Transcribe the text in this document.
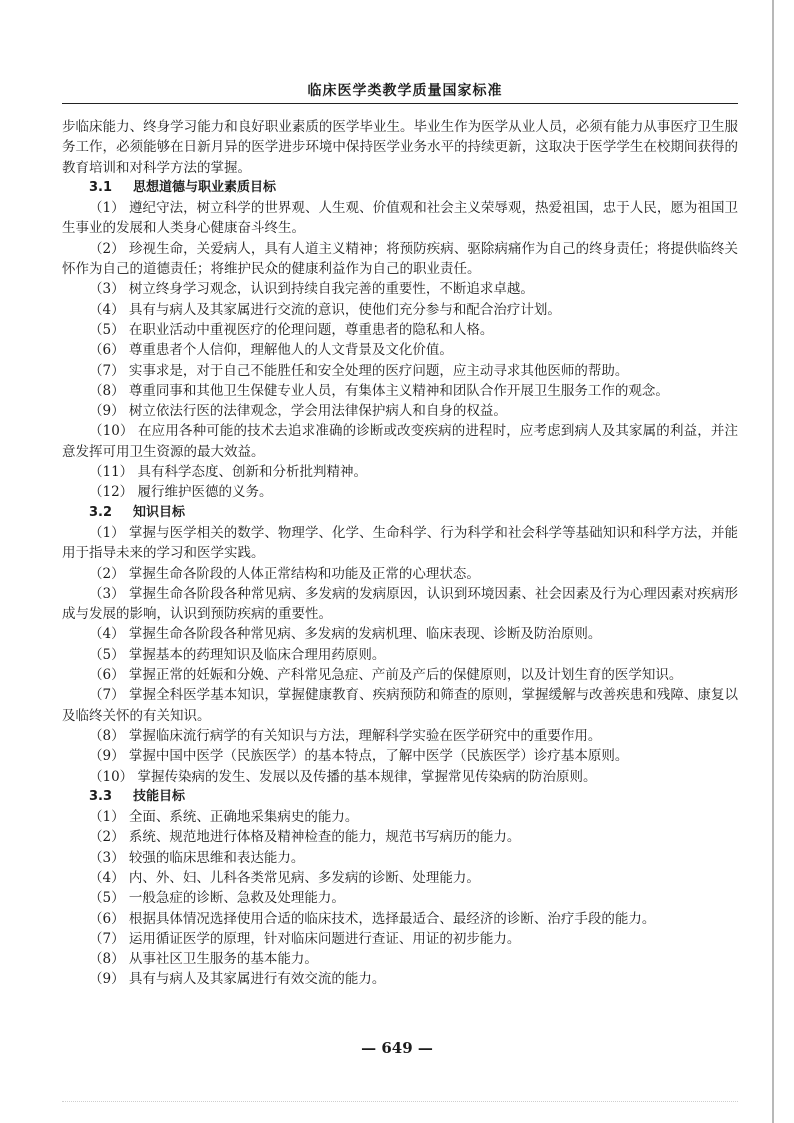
临床医学类教学质量国家标准

步临床能力、终身学习能力和良好职业素质的医学毕业生。毕业生作为医学从业人员，必须有能力从事医疗卫生服务工作，必须能够在日新月异的医学进步环境中保持医学业务水平的持续更新，这取决于医学学生在校期间获得的教育培训和对科学方法的掌握。

3.1 思想道德与职业素质目标

（1） 遵纪守法，树立科学的世界观、人生观、价值观和社会主义荣辱观，热爱祖国，忠于人民，愿为祖国卫生事业的发展和人类身心健康奋斗终生。

（2） 珍视生命，关爱病人，具有人道主义精神；将预防疾病、驱除病痛作为自己的终身责任；将提供临终关怀作为自己的道德责任；将维护民众的健康利益作为自己的职业责任。

（3） 树立终身学习观念，认识到持续自我完善的重要性，不断追求卓越。

（4） 具有与病人及其家属进行交流的意识，使他们充分参与和配合治疗计划。

（5） 在职业活动中重视医疗的伦理问题，尊重患者的隐私和人格。

（6） 尊重患者个人信仰，理解他人的人文背景及文化价值。

（7） 实事求是，对于自己不能胜任和安全处理的医疗问题，应主动寻求其他医师的帮助。

（8） 尊重同事和其他卫生保健专业人员，有集体主义精神和团队合作开展卫生服务工作的观念。

（9） 树立依法行医的法律观念，学会用法律保护病人和自身的权益。

（10） 在应用各种可能的技术去追求准确的诊断或改变疾病的进程时，应考虑到病人及其家属的利益，并注意发挥可用卫生资源的最大效益。

（11） 具有科学态度、创新和分析批判精神。

（12） 履行维护医德的义务。

3.2 知识目标

（1） 掌握与医学相关的数学、物理学、化学、生命科学、行为科学和社会科学等基础知识和科学方法，并能用于指导未来的学习和医学实践。

（2） 掌握生命各阶段的人体正常结构和功能及正常的心理状态。

（3） 掌握生命各阶段各种常见病、多发病的发病原因，认识到环境因素、社会因素及行为心理因素对疾病形成与发展的影响，认识到预防疾病的重要性。

（4） 掌握生命各阶段各种常见病、多发病的发病机理、临床表现、诊断及防治原则。

（5） 掌握基本的药理知识及临床合理用药原则。

（6） 掌握正常的妊娠和分娩、产科常见急症、产前及产后的保健原则，以及计划生育的医学知识。

（7） 掌握全科医学基本知识，掌握健康教育、疾病预防和筛查的原则，掌握缓解与改善疾患和残障、康复以及临终关怀的有关知识。

（8） 掌握临床流行病学的有关知识与方法，理解科学实验在医学研究中的重要作用。

（9） 掌握中国中医学（民族医学）的基本特点，了解中医学（民族医学）诊疗基本原则。

（10） 掌握传染病的发生、发展以及传播的基本规律，掌握常见传染病的防治原则。

3.3 技能目标

（1） 全面、系统、正确地采集病史的能力。

（2） 系统、规范地进行体格及精神检查的能力，规范书写病历的能力。

（3） 较强的临床思维和表达能力。

（4） 内、外、妇、儿科各类常见病、多发病的诊断、处理能力。

（5） 一般急症的诊断、急救及处理能力。

（6） 根据具体情况选择使用合适的临床技术，选择最适合、最经济的诊断、治疗手段的能力。

（7） 运用循证医学的原理，针对临床问题进行查证、用证的初步能力。

（8） 从事社区卫生服务的基本能力。

（9） 具有与病人及其家属进行有效交流的能力。

— 649 —
